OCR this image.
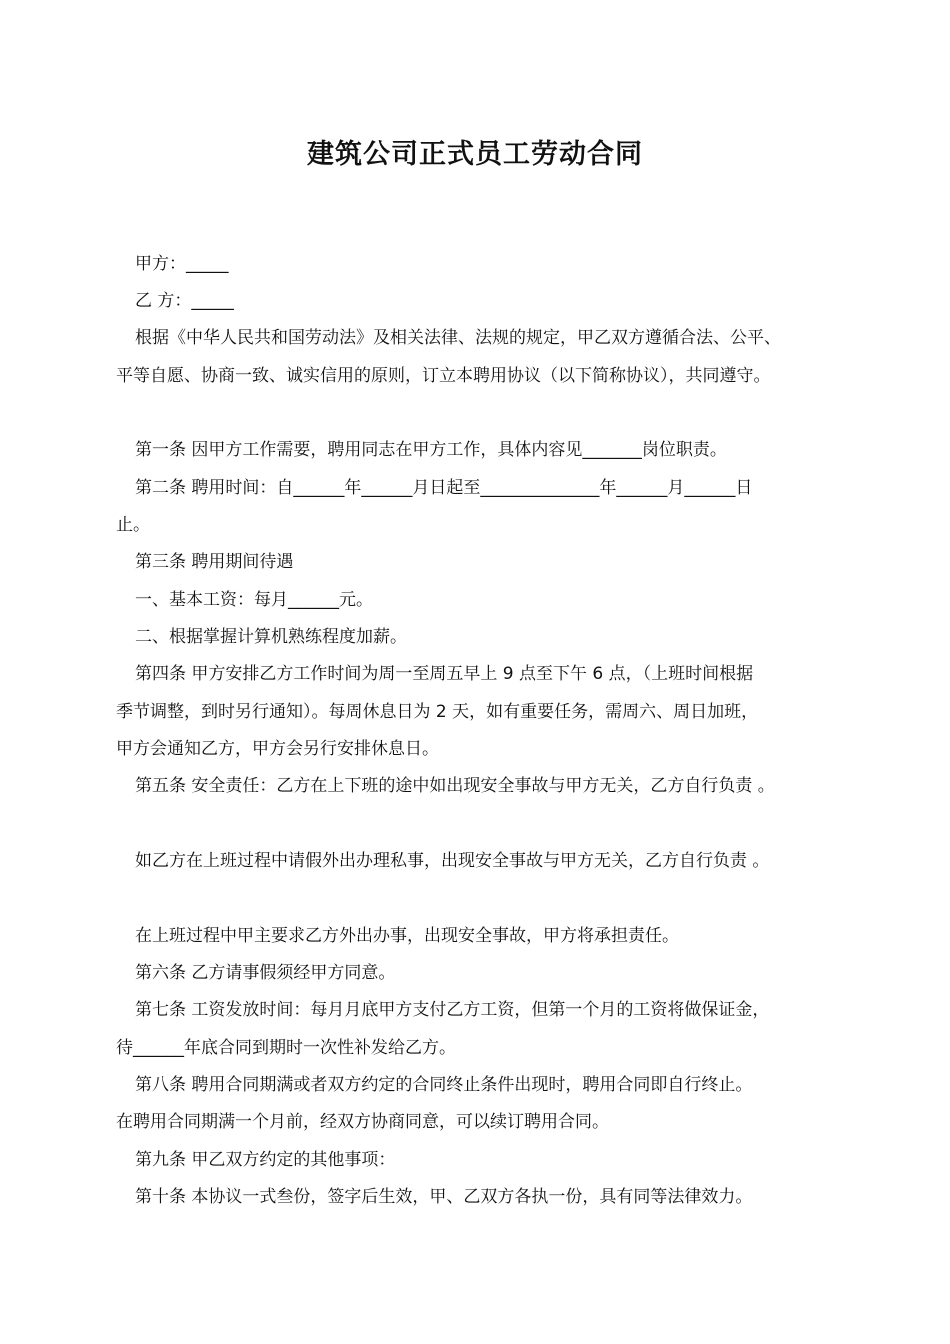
建筑公司正式员工劳动合同
甲方：_____
乙 方：_____
根据《中华人民共和国劳动法》及相关法律、法规的规定，甲乙双方遵循合法、公平、
平等自愿、协商一致、诚实信用的原则，订立本聘用协议（以下简称协议），共同遵守。
第一条 因甲方工作需要，聘用同志在甲方工作，具体内容见_______岗位职责。
第二条 聘用时间：自______年______月日起至______________年______月______日
止。
第三条 聘用期间待遇
一、基本工资：每月______元。
二、根据掌握计算机熟练程度加薪。
第四条 甲方安排乙方工作时间为周一至周五早上 9 点至下午 6 点，（上班时间根据
季节调整，到时另行通知）。每周休息日为 2 天，如有重要任务，需周六、周日加班，
甲方会通知乙方，甲方会另行安排休息日。
第五条 安全责任：乙方在上下班的途中如出现安全事故与甲方无关，乙方自行负责 。
如乙方在上班过程中请假外出办理私事，出现安全事故与甲方无关，乙方自行负责 。
在上班过程中甲主要求乙方外出办事，出现安全事故，甲方将承担责任。
第六条 乙方请事假须经甲方同意。
第七条 工资发放时间：每月月底甲方支付乙方工资，但第一个月的工资将做保证金，
待______年底合同到期时一次性补发给乙方。
第八条 聘用合同期满或者双方约定的合同终止条件出现时，聘用合同即自行终止。
在聘用合同期满一个月前，经双方协商同意，可以续订聘用合同。
第九条 甲乙双方约定的其他事项：
第十条 本协议一式叁份，签字后生效，甲、乙双方各执一份，具有同等法律效力。
